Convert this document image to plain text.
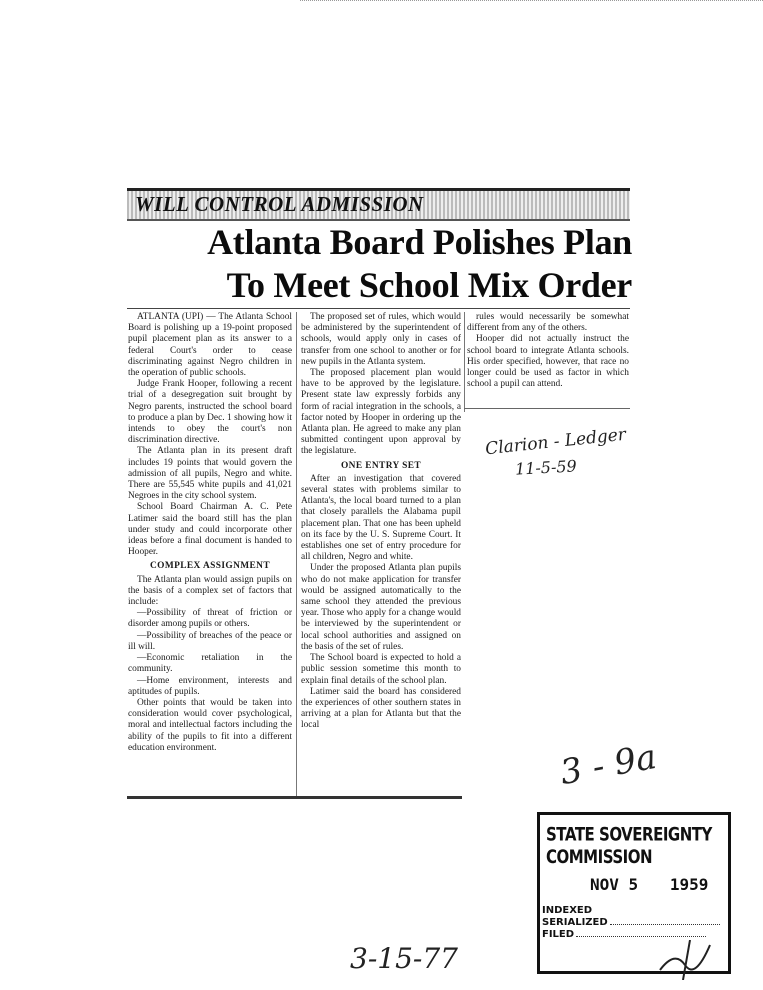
WILL CONTROL ADMISSION
Atlanta Board Polishes Plan
To Meet School Mix Order

ATLANTA (UPI) — The Atlanta School Board is polishing up a 19-point proposed pupil placement plan as its answer to a federal Court's order to cease discriminating against Negro children in the operation of public schools.

Judge Frank Hooper, following a recent trial of a desegregation suit brought by Negro parents, instructed the school board to produce a plan by Dec. 1 showing how it intends to obey the court's non discrimination directive.

The Atlanta plan in its present draft includes 19 points that would govern the admission of all pupils, Negro and white. There are 55,545 white pupils and 41,021 Negroes in the city school system.

School Board Chairman A. C. Pete Latimer said the board still has the plan under study and could incorporate other ideas before a final document is handed to Hooper.

COMPLEX ASSIGNMENT

The Atlanta plan would assign pupils on the basis of a complex set of factors that include:

—Possibility of threat of friction or disorder among pupils or others.

—Possibility of breaches of the peace or ill will.

—Economic retaliation in the community.

—Home environment, interests and aptitudes of pupils.

Other points that would be taken into consideration would cover psychological, moral and intellectual factors including the ability of the pupils to fit into a different education environment.

The proposed set of rules, which would be administered by the superintendent of schools, would apply only in cases of transfer from one school to another or for new pupils in the Atlanta system.

The proposed placement plan would have to be approved by the legislature. Present state law expressly forbids any form of racial integration in the schools, a factor noted by Hooper in ordering up the Atlanta plan. He agreed to make any plan submitted contingent upon approval by the legislature.

ONE ENTRY SET

After an investigation that covered several states with problems similar to Atlanta's, the local board turned to a plan that closely parallels the Alabama pupil placement plan. That one has been upheld on its face by the U. S. Supreme Court. It establishes one set of entry procedure for all children, Negro and white.

Under the proposed Atlanta plan pupils who do not make application for transfer would be assigned automatically to the same school they attended the previous year. Those who apply for a change would be interviewed by the superintendent or local school authorities and assigned on the basis of the set of rules.

The School board is expected to hold a public session sometime this month to explain final details of the school plan.

Latimer said the board has considered the experiences of other southern states in arriving at a plan for Atlanta but that the local

rules would necessarily be somewhat different from any of the others.

Hooper did not actually instruct the school board to integrate Atlanta schools. His order specified, however, that race no longer could be used as factor in which school a pupil can attend.

Clarion - Ledger
11-5-59
3 - 9a
3-15-77
STATE SOVEREIGNTY COMMISSION
NOV 5 1959
INDEXED
SERIALIZED
FILED
